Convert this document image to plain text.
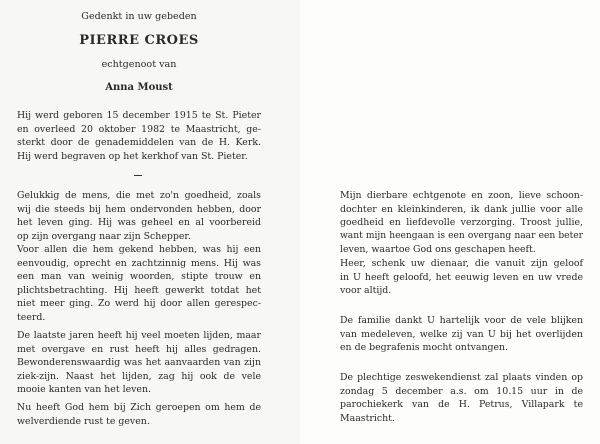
Gedenkt in uw gebeden
PIERRE CROES
echtgenoot van
Anna Moust
Hij werd geboren 15 december 1915 te St. Pieter
en overleed 20 oktober 1982 te Maastricht, ge-
sterkt door de genademiddelen van de H. Kerk.
Hij werd begraven op het kerkhof van St. Pieter.
Gelukkig de mens, die met zo'n goedheid, zoals
wij die steeds bij hem ondervonden hebben, door
het leven ging. Hij was geheel en al voorbereid
op zijn overgang naar zijn Schepper.
Voor allen die hem gekend hebben, was hij een
eenvoudig, oprecht en zachtzinnig mens. Hij was
een man van weinig woorden, stipte trouw en
plichtsbetrachting. Hij heeft gewerkt totdat het
niet meer ging. Zo werd hij door allen gerespec-
teerd.
De laatste jaren heeft hij veel moeten lijden, maar
met overgave en rust heeft hij alles gedragen.
Bewonderenswaardig was het aanvaarden van zijn
ziek-zijn. Naast het lijden, zag hij ook de vele
mooie kanten van het leven.
Nu heeft God hem bij Zich geroepen om hem de
welverdiende rust te geven.
Mijn dierbare echtgenote en zoon, lieve schoon-
dochter en kleinkinderen, ik dank jullie voor alle
goedheid en liefdevolle verzorging. Troost jullie,
want mijn heengaan is een overgang naar een beter
leven, waartoe God ons geschapen heeft.
Heer, schenk uw dienaar, die vanuit zijn geloof
in U heeft geloofd, het eeuwig leven en uw vrede
voor altijd.
De familie dankt U hartelijk voor de vele blijken
van medeleven, welke zij van U bij het overlijden
en de begrafenis mocht ontvangen.
De plechtige zeswekendienst zal plaats vinden op
zondag 5 december a.s. om 10.15 uur in de
parochiekerk van de H. Petrus, Villapark te
Maastricht.
